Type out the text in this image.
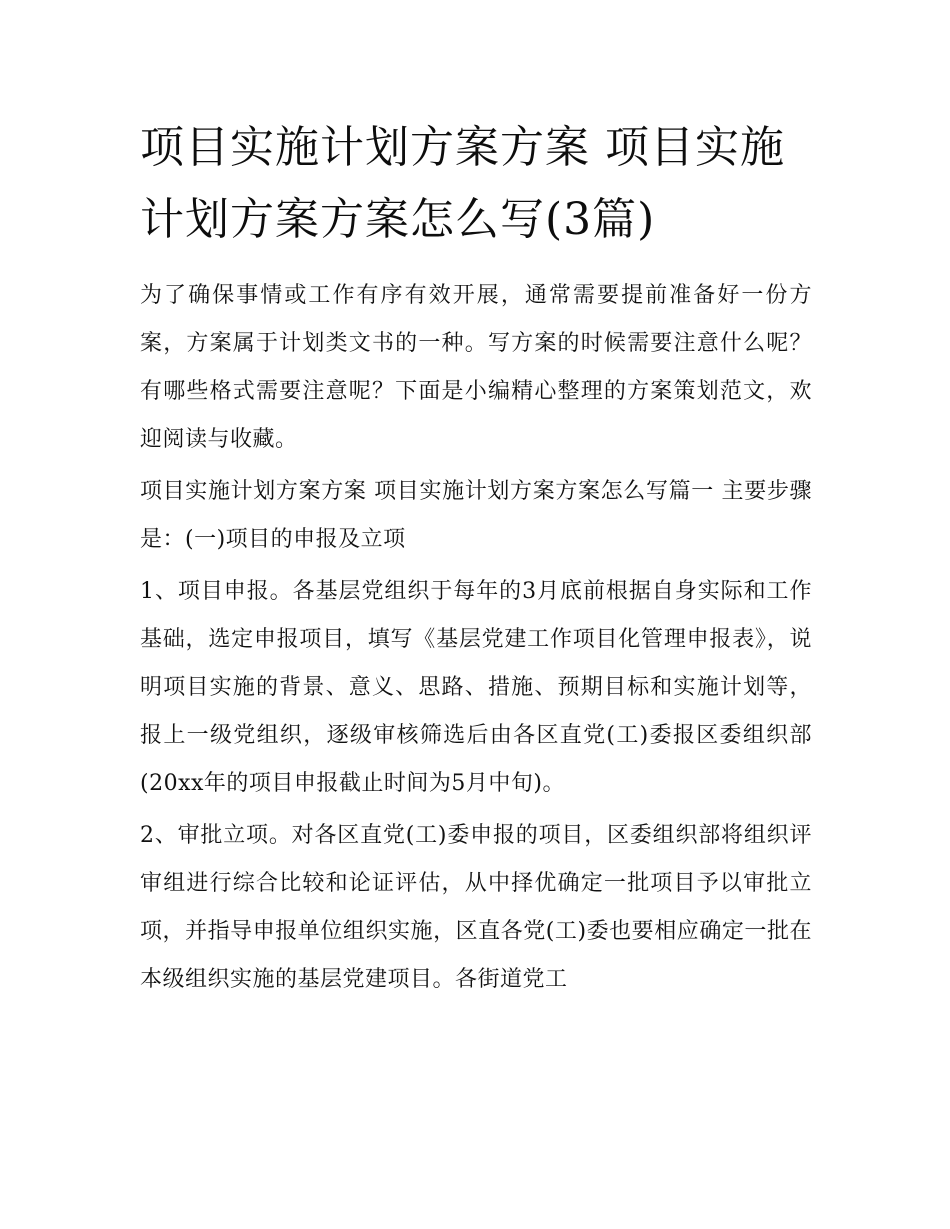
项目实施计划方案方案 项目实施计划方案方案怎么写(3篇)

为了确保事情或工作有序有效开展，通常需要提前准备好一份方案，方案属于计划类文书的一种。写方案的时候需要注意什么呢？有哪些格式需要注意呢？下面是小编精心整理的方案策划范文，欢迎阅读与收藏。

项目实施计划方案方案 项目实施计划方案方案怎么写篇一 主要步骤是：(一)项目的申报及立项

1、项目申报。各基层党组织于每年的3月底前根据自身实际和工作基础，选定申报项目，填写《基层党建工作项目化管理申报表》，说明项目实施的背景、意义、思路、措施、预期目标和实施计划等，报上一级党组织，逐级审核筛选后由各区直党(工)委报区委组织部(20xx年的项目申报截止时间为5月中旬)。

2、审批立项。对各区直党(工)委申报的项目，区委组织部将组织评审组进行综合比较和论证评估，从中择优确定一批项目予以审批立项，并指导申报单位组织实施，区直各党(工)委也要相应确定一批在本级组织实施的基层党建项目。各街道党工
